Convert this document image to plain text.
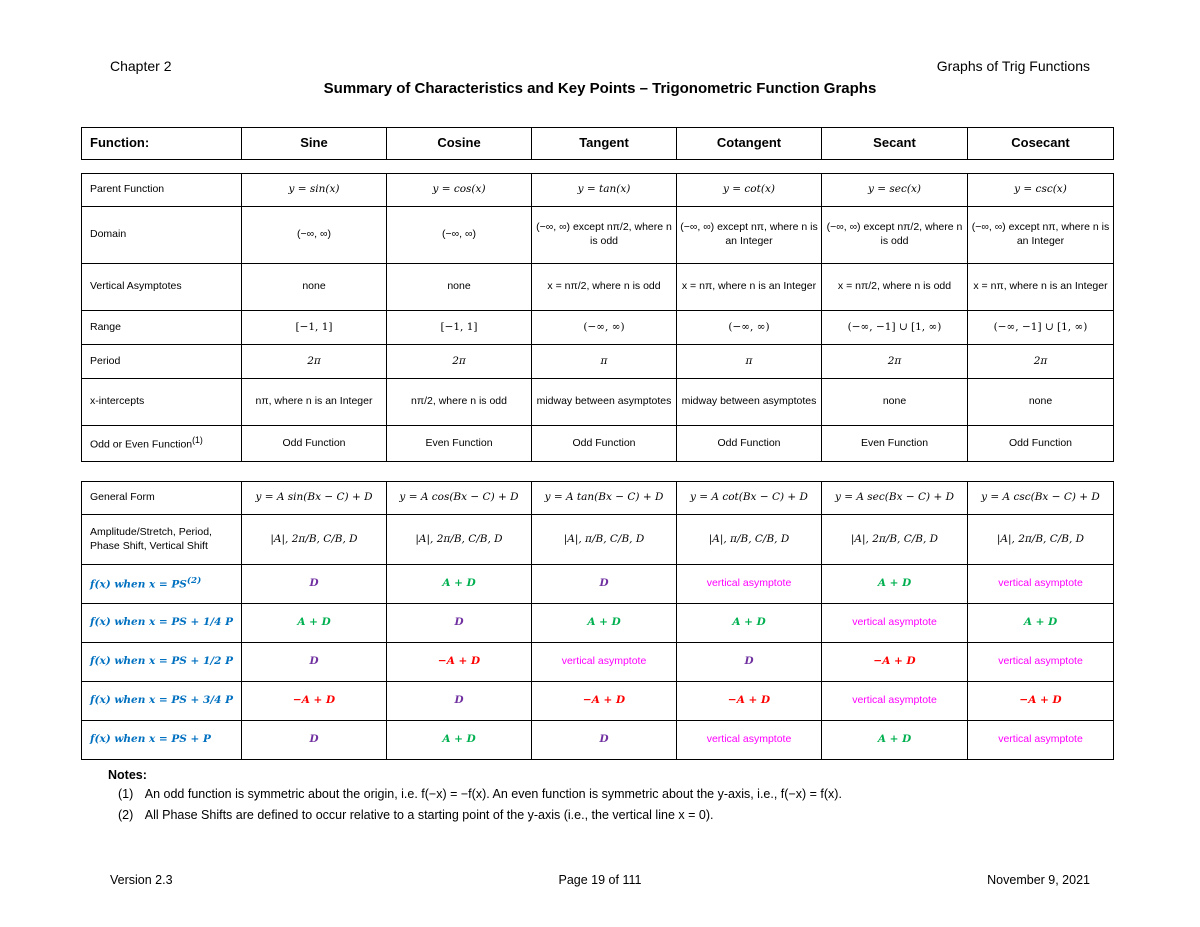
Chapter 2	Graphs of Trig Functions
Summary of Characteristics and Key Points – Trigonometric Function Graphs
Function:	Sine	Cosine	Tangent	Cotangent	Secant	Cosecant
Parent Function	y = sin(x)	y = cos(x)	y = tan(x)	y = cot(x)	y = sec(x)	y = csc(x)
Domain	(−∞, ∞)	(−∞, ∞)	(−∞, ∞) except nπ/2, where n is odd	(−∞, ∞) except nπ, where n is an Integer	(−∞, ∞) except nπ/2, where n is odd	(−∞, ∞) except nπ, where n is an Integer
Vertical Asymptotes	none	none	x = nπ/2, where n is odd	x = nπ, where n is an Integer	x = nπ/2, where n is odd	x = nπ, where n is an Integer
Range	[−1, 1]	[−1, 1]	(−∞, ∞)	(−∞, ∞)	(−∞, −1] ∪ [1, ∞)	(−∞, −1] ∪ [1, ∞)
Period	2π	2π	π	π	2π	2π
x-intercepts	nπ, where n is an Integer	nπ/2, where n is odd	midway between asymptotes	midway between asymptotes	none	none
Odd or Even Function$^{(1)}$	Odd Function	Even Function	Odd Function	Odd Function	Even Function	Odd Function
General Form	y = A sin(Bx − C) + D	y = A cos(Bx − C) + D	y = A tan(Bx − C) + D	y = A cot(Bx − C) + D	y = A sec(Bx − C) + D	y = A csc(Bx − C) + D
Amplitude/Stretch, Period, Phase Shift, Vertical Shift	|A|, 2π/B, C/B, D	|A|, 2π/B, C/B, D	|A|, π/B, C/B, D	|A|, π/B, C/B, D	|A|, 2π/B, C/B, D	|A|, 2π/B, C/B, D
f(x) when $x = PS^{(2)}$	D	A + D	D	vertical asymptote	A + D	vertical asymptote
f(x) when x = PS + 1/4 P	A + D	D	A + D	A + D	vertical asymptote	A + D
f(x) when x = PS + 1/2 P	D	−A + D	vertical asymptote	D	−A + D	vertical asymptote
f(x) when x = PS + 3/4 P	−A + D	D	−A + D	−A + D	vertical asymptote	−A + D
f(x) when x = PS + P	D	A + D	D	vertical asymptote	A + D	vertical asymptote
Notes:
(1) An odd function is symmetric about the origin, i.e. f(−x) = −f(x). An even function is symmetric about the y-axis, i.e., f(−x) = f(x).
(2) All Phase Shifts are defined to occur relative to a starting point of the y-axis (i.e., the vertical line x = 0).
Version 2.3	Page 19 of 111	November 9, 2021
